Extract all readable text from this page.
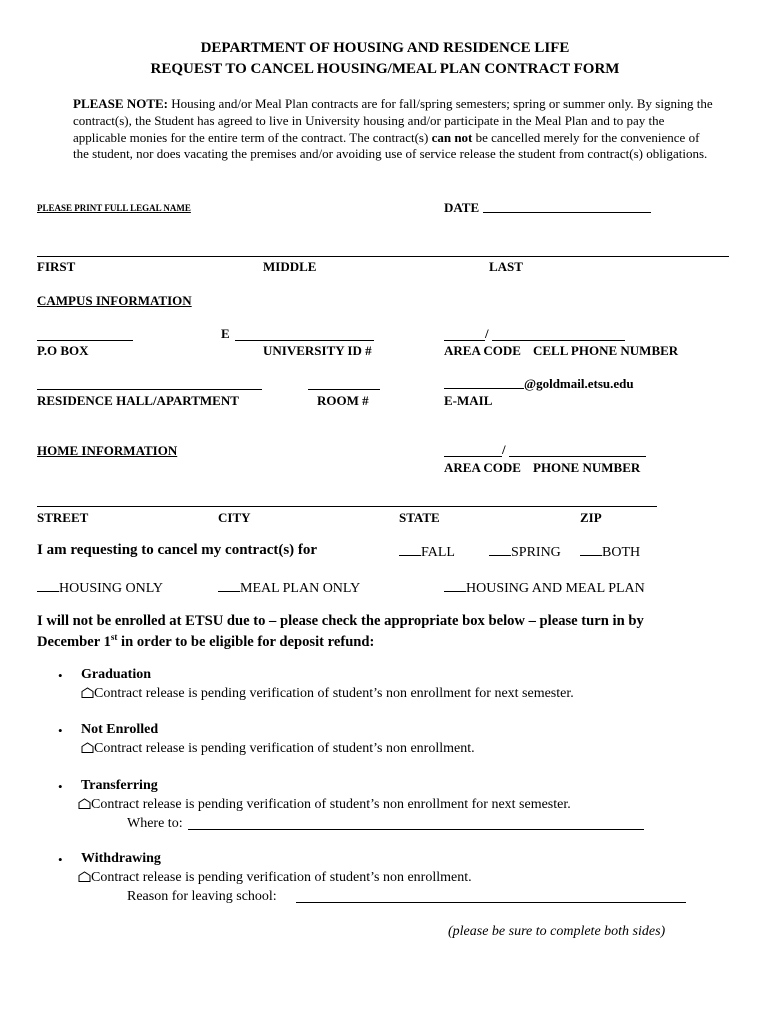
DEPARTMENT OF HOUSING AND RESIDENCE LIFE
REQUEST TO CANCEL HOUSING/MEAL PLAN CONTRACT FORM
PLEASE NOTE: Housing and/or Meal Plan contracts are for fall/spring semesters; spring or summer only. By signing the contract(s), the Student has agreed to live in University housing and/or participate in the Meal Plan and to pay the applicable monies for the entire term of the contract. The contract(s) can not be cancelled merely for the convenience of the student, nor does vacating the premises and/or avoiding use of service release the student from contract(s) obligations.
PLEASE PRINT FULL LEGAL NAME	DATE
FIRST	MIDDLE	LAST
CAMPUS INFORMATION
E	/
P.O BOX	UNIVERSITY ID #	AREA CODE CELL PHONE NUMBER
@goldmail.etsu.edu
RESIDENCE HALL/APARTMENT	ROOM #	E-MAIL
HOME INFORMATION	/
AREA CODE PHONE NUMBER
STREET	CITY	STATE	ZIP
I am requesting to cancel my contract(s) for	FALL	SPRING	BOTH
HOUSING ONLY	MEAL PLAN ONLY	HOUSING AND MEAL PLAN
I will not be enrolled at ETSU due to – please check the appropriate box below – please turn in by
December 1st in order to be eligible for deposit refund:
• Graduation
Contract release is pending verification of student’s non enrollment for next semester.
• Not Enrolled
Contract release is pending verification of student’s non enrollment.
• Transferring
Contract release is pending verification of student’s non enrollment for next semester.
Where to:
• Withdrawing
Contract release is pending verification of student’s non enrollment.
Reason for leaving school:
(please be sure to complete both sides)
